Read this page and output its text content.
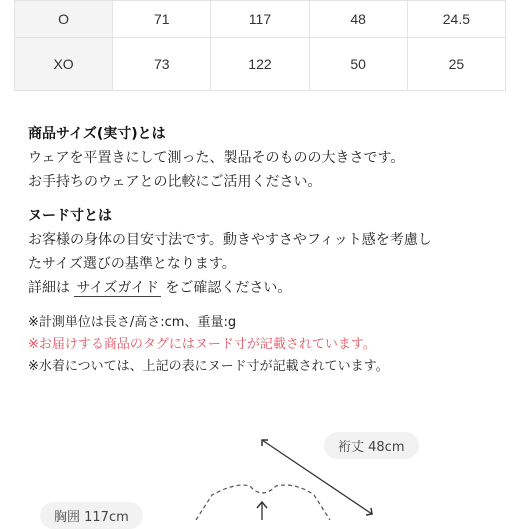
O	71	117	48	24.5
XO	73	122	50	25
商品サイズ(実寸)とは
ウェアを平置きにして測った、製品そのものの大きさです。
お手持ちのウェアとの比較にご活用ください。
ヌード寸とは
お客様の身体の目安寸法です。動きやすさやフィット感を考慮し
たサイズ選びの基準となります。
詳細は サイズガイド をご確認ください。
※計測単位は長さ/高さ:cm、重量:g
※お届けする商品のタグにはヌード寸が記載されています。
※水着については、上記の表にヌード寸が記載されています。
裄丈 48cm
胸囲 117cm
